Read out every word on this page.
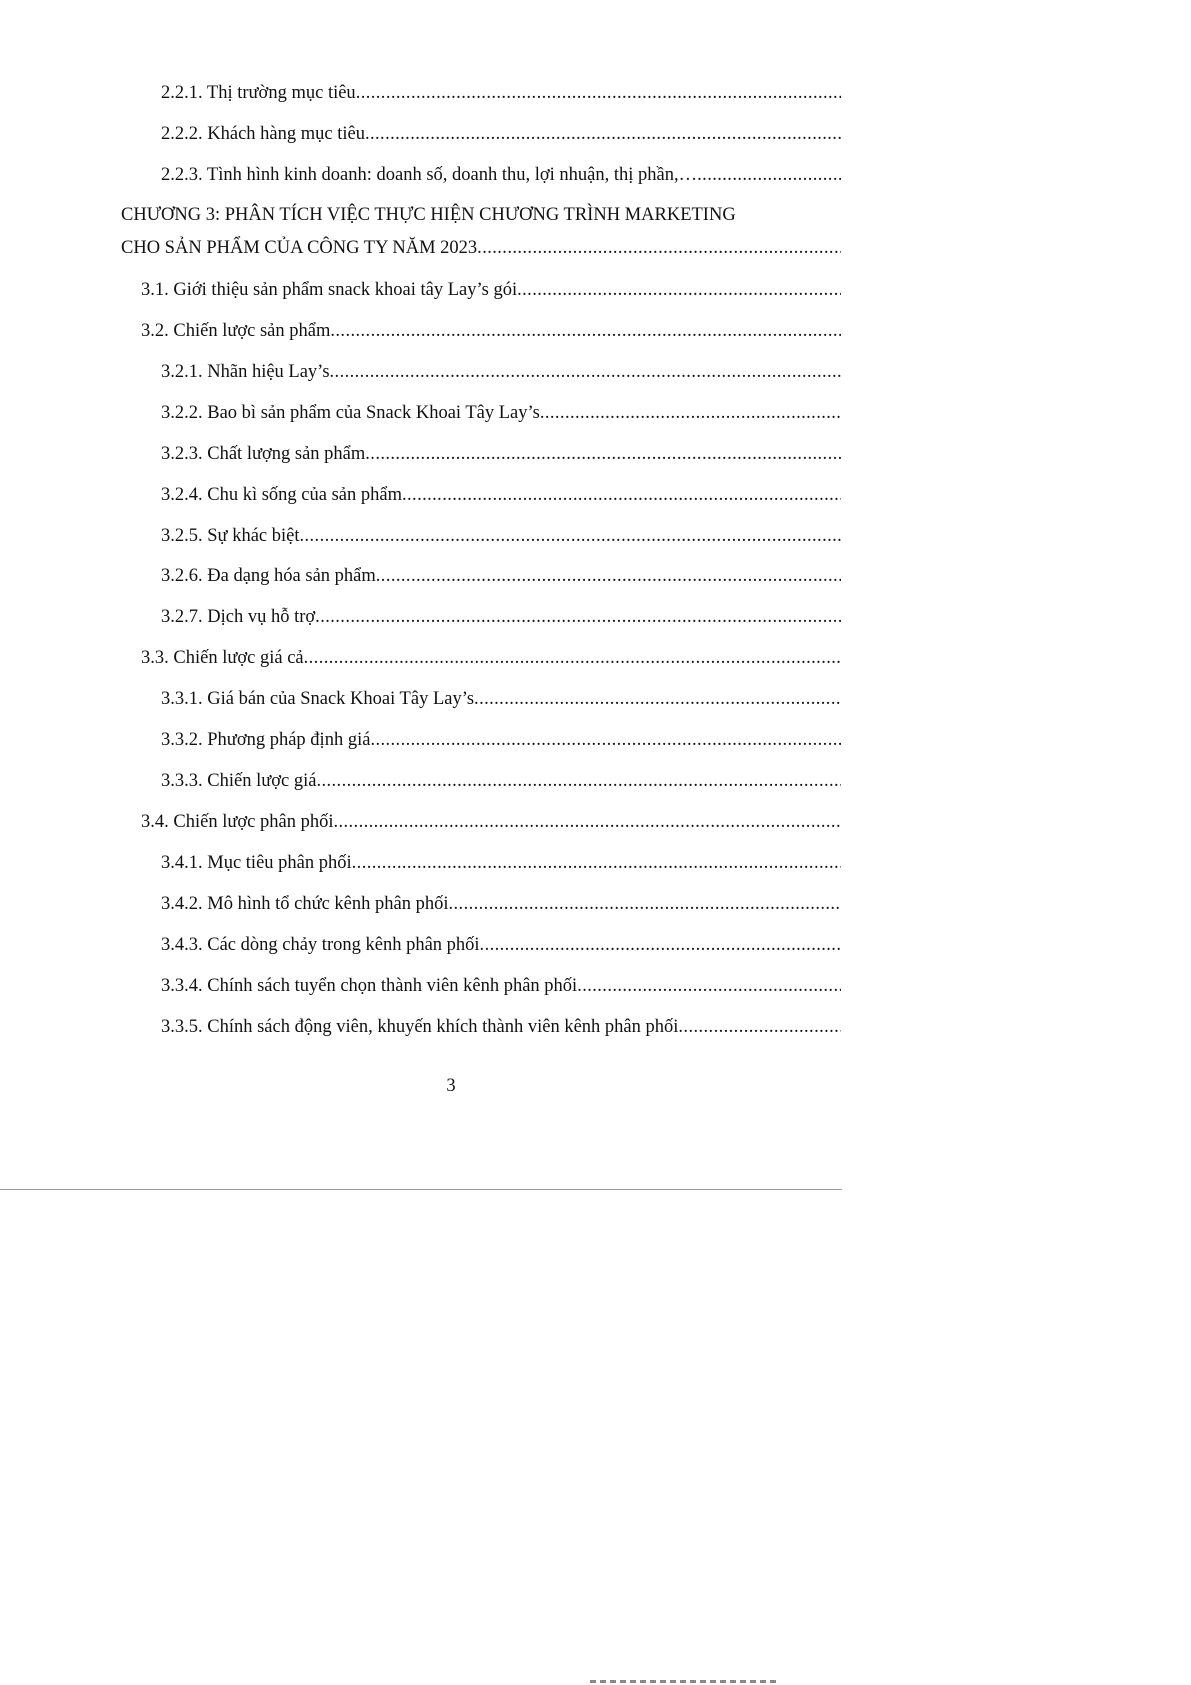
2.2.1. Thị trường mục tiêu
.....
2.2.2. Khách hàng mục tiêu
.....
2.2.3. Tình hình kinh doanh: doanh số, doanh thu, lợi nhuận, thị phần,…
.....
CHƯƠNG 3: PHÂN TÍCH VIỆC THỰC HIỆN CHƯƠNG TRÌNH MARKETING
CHO SẢN PHẨM CỦA CÔNG TY NĂM 2023
.....
3.1. Giới thiệu sản phẩm snack khoai tây Lay’s gói
.....
3.2. Chiến lược sản phẩm
.....
3.2.1. Nhãn hiệu Lay’s
.....
3.2.2. Bao bì sản phẩm của Snack Khoai Tây Lay’s
.....
3.2.3. Chất lượng sản phẩm
.....
3.2.4. Chu kì sống của sản phẩm
.....
3.2.5. Sự khác biệt
.....
3.2.6. Đa dạng hóa sản phẩm
.....
3.2.7. Dịch vụ hỗ trợ
.....
3.3. Chiến lược giá cả
.....
3.3.1. Giá bán của Snack Khoai Tây Lay’s
.....
3.3.2. Phương pháp định giá
.....
3.3.3. Chiến lược giá
.....
3.4. Chiến lược phân phối
.....
3.4.1. Mục tiêu phân phối
.....
3.4.2. Mô hình tổ chức kênh phân phối
.....
3.4.3. Các dòng chảy trong kênh phân phối
.....
3.3.4. Chính sách tuyển chọn thành viên kênh phân phối
.....
3.3.5. Chính sách động viên, khuyến khích thành viên kênh phân phối
.....
3
